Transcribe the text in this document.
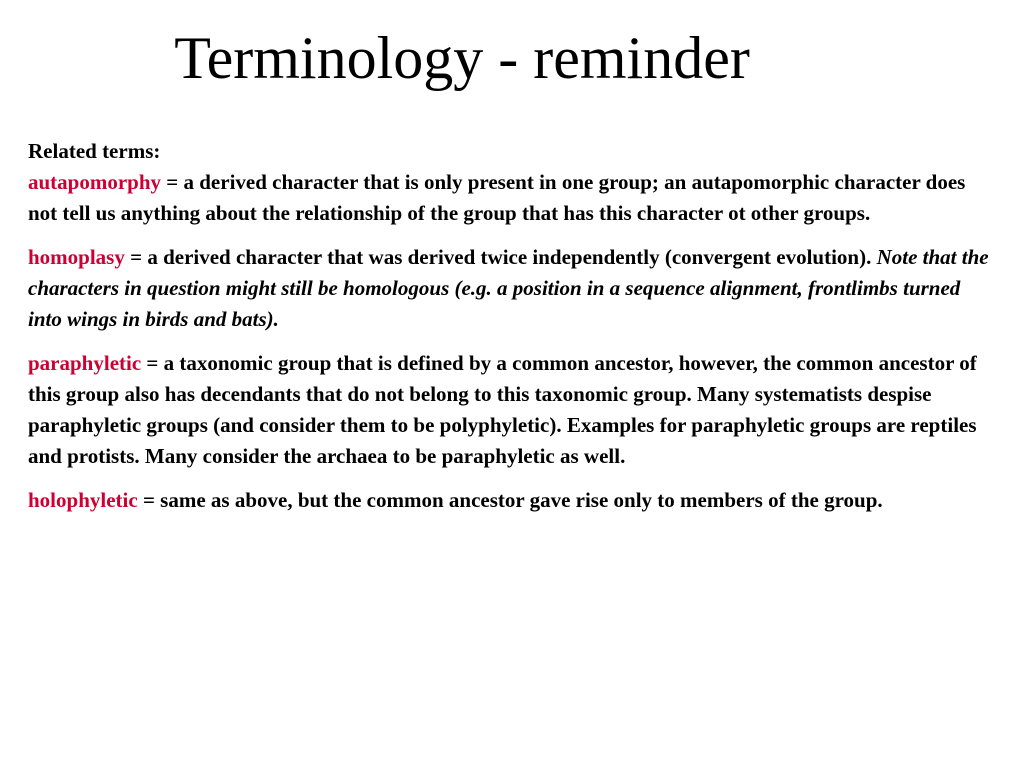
Terminology - reminder
Related terms:

autapomorphy = a derived character that is only present in one group; an autapomorphic character does not tell us anything about the relationship of the group that has this character ot other groups.

homoplasy = a derived character that was derived twice independently (convergent evolution). Note that the characters in question might still be homologous (e.g. a position in a sequence alignment, frontlimbs turned into wings in birds and bats).

paraphyletic = a taxonomic group that is defined by a common ancestor, however, the common ancestor of this group also has decendants that do not belong to this taxonomic group. Many systematists despise paraphyletic groups (and consider them to be polyphyletic). Examples for paraphyletic groups are reptiles and protists. Many consider the archaea to be paraphyletic as well.

holophyletic = same as above, but the common ancestor gave rise only to members of the group.
